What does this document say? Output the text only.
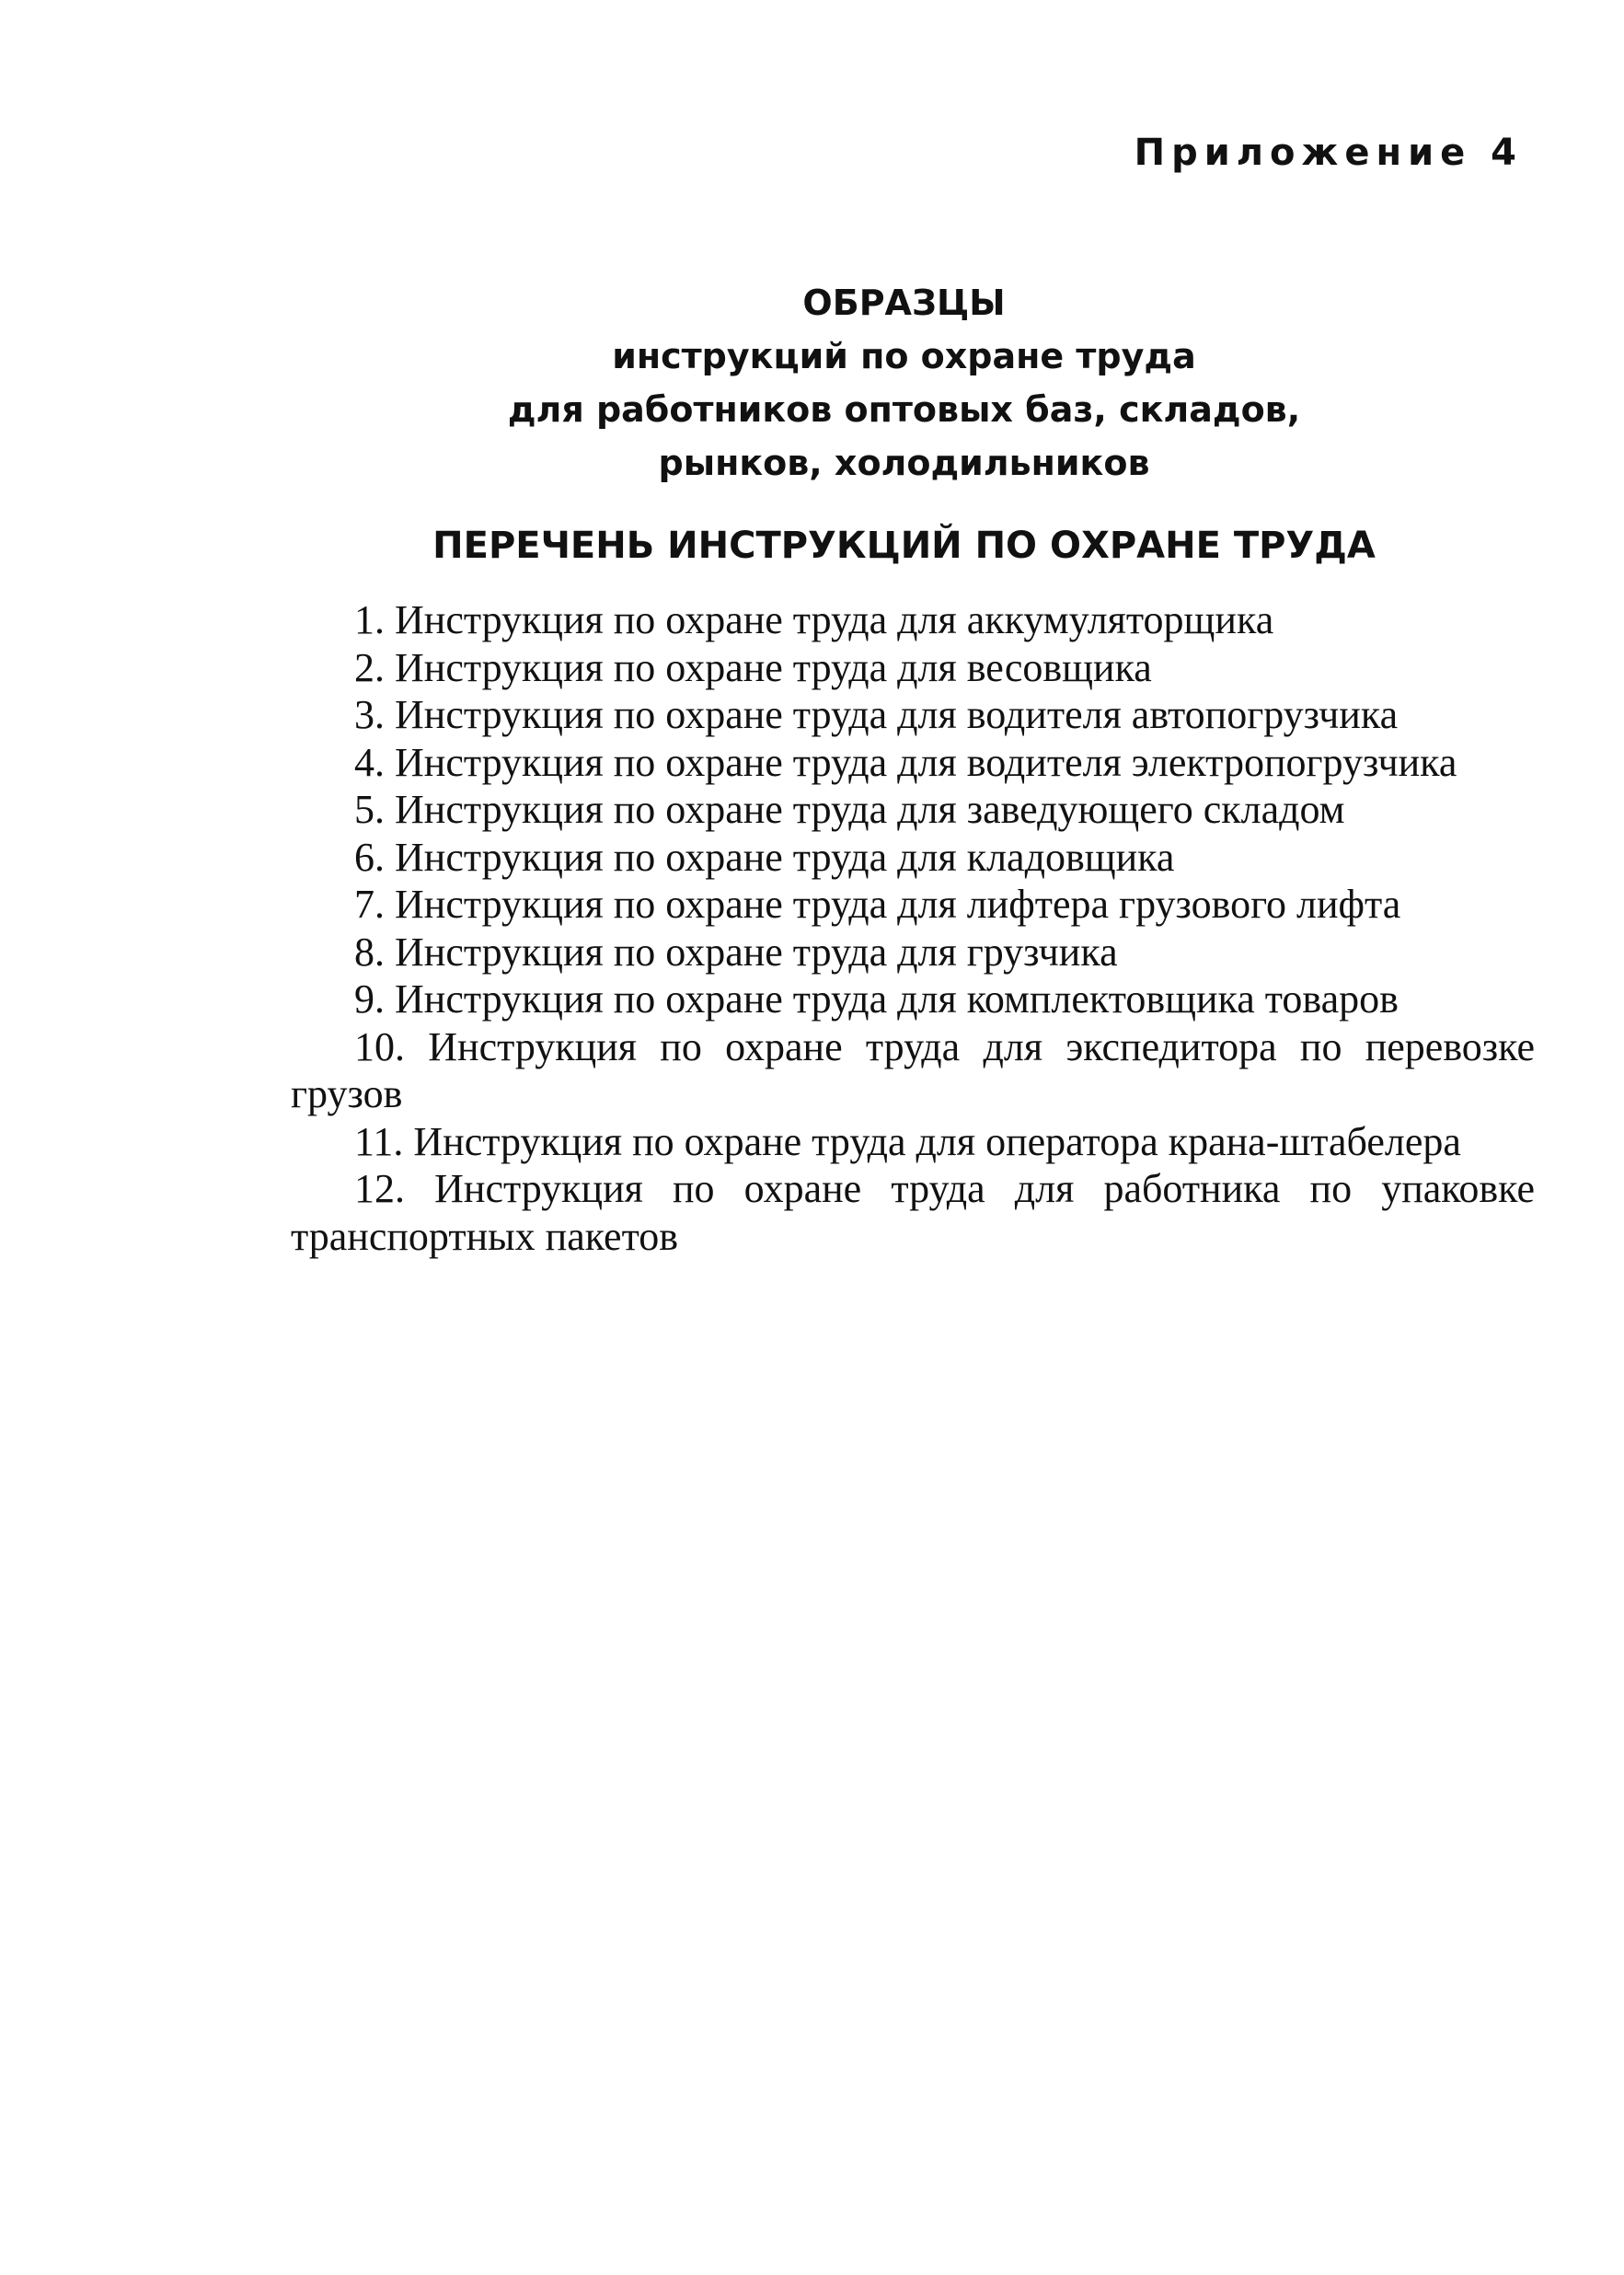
Приложение 4
ОБРАЗЦЫ
инструкций по охране труда
для работников оптовых баз, складов,
рынков, холодильников
ПЕРЕЧЕНЬ ИНСТРУКЦИЙ ПО ОХРАНЕ ТРУДА
1. Инструкция по охране труда для аккумуляторщика
2. Инструкция по охране труда для весовщика
3. Инструкция по охране труда для водителя автопогрузчика
4. Инструкция по охране труда для водителя электропогрузчика
5. Инструкция по охране труда для заведующего складом
6. Инструкция по охране труда для кладовщика
7. Инструкция по охране труда для лифтера грузового лифта
8. Инструкция по охране труда для грузчика
9. Инструкция по охране труда для комплектовщика товаров
10. Инструкция по охране труда для экспедитора по перевозке грузов
11. Инструкция по охране труда для оператора крана-штабелера
12. Инструкция по охране труда для работника по упаковке транспортных пакетов
